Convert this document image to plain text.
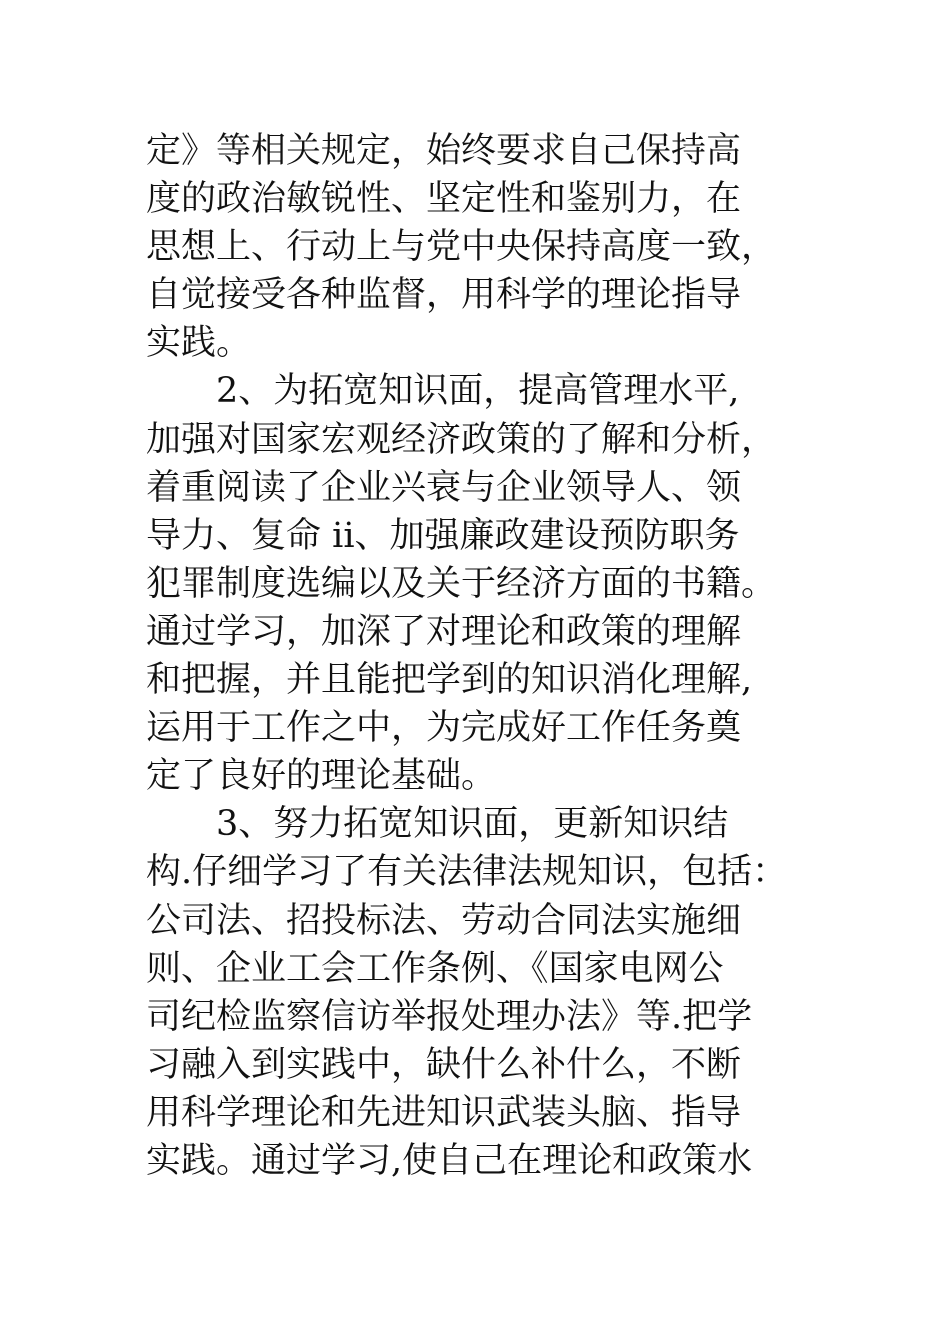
定》等相关规定，始终要求自己保持高
度的政治敏锐性、坚定性和鉴别力，在
思想上、行动上与党中央保持高度一致，
自觉接受各种监督，用科学的理论指导
实践。
　　2、为拓宽知识面，提高管理水平,
加强对国家宏观经济政策的了解和分析，
着重阅读了企业兴衰与企业领导人、领
导力、复命 ii、加强廉政建设预防职务
犯罪制度选编以及关于经济方面的书籍。
通过学习，加深了对理论和政策的理解
和把握，并且能把学到的知识消化理解,
运用于工作之中，为完成好工作任务奠
定了良好的理论基础。
　　3、努力拓宽知识面，更新知识结
构.仔细学习了有关法律法规知识，包括：
公司法、招投标法、劳动合同法实施细
则、企业工会工作条例、《国家电网公
司纪检监察信访举报处理办法》等.把学
习融入到实践中，缺什么补什么，不断
用科学理论和先进知识武装头脑、指导
实践。通过学习,使自己在理论和政策水
